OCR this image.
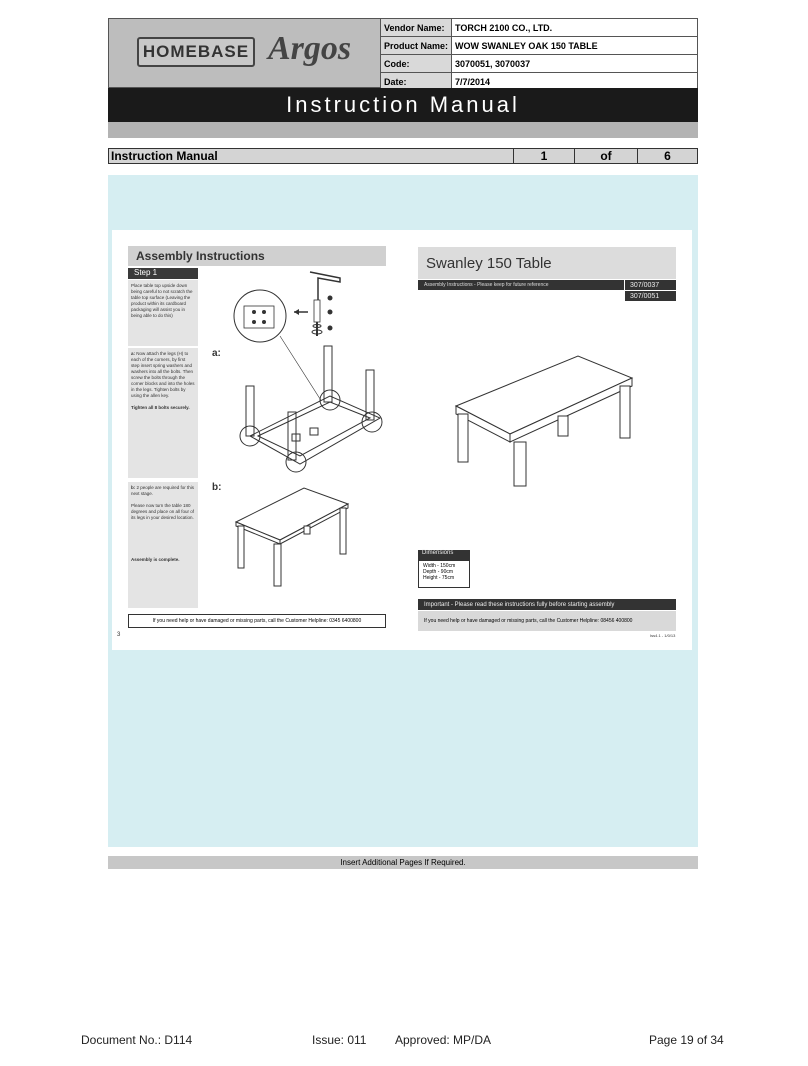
HOMEBASE Argos
Vendor Name:	TORCH 2100 CO., LTD.
Product Name:	WOW SWANLEY OAK 150 TABLE
Code:	3070051, 3070037
Date:	7/7/2014
Instruction Manual
Instruction Manual	1	of	6
Assembly Instructions
Step 1
Place table top upside down being careful to not scratch the table top surface (Leaving the product within its cardboard packaging will assist you in being able to do this)
a: Now attach the legs (H) to each of the corners, by first step insert spring washers and washers into all the bolts. Then screw the bolts through the corner blocks and into the holes in the legs. Tighten bolts by using the allen key.

Tighten all 8 bolts securely.
b: 2 people are required for this next stage.

Please now turn the table 180 degrees and place on all four of its legs in your desired location.

Assembly is complete.
a:
b:
If you need help or have damaged or missing parts, call the Customer Helpline: 0345 6400800
3
Swanley 150 Table
Assembly Instructions - Please keep for future reference	307/0037
307/0051
Dimensions
Width - 150cm
Depth - 90cm
Height - 75cm
Important - Please read these instructions fully before starting assembly
If you need help or have damaged or missing parts, call the Customer Helpline: 08456 400800
Iss4.1 - 1/0/13
Insert Additional Pages If Required.
Document No.: D114	Issue: 011 Approved: MP/DA	Page 19 of 34
